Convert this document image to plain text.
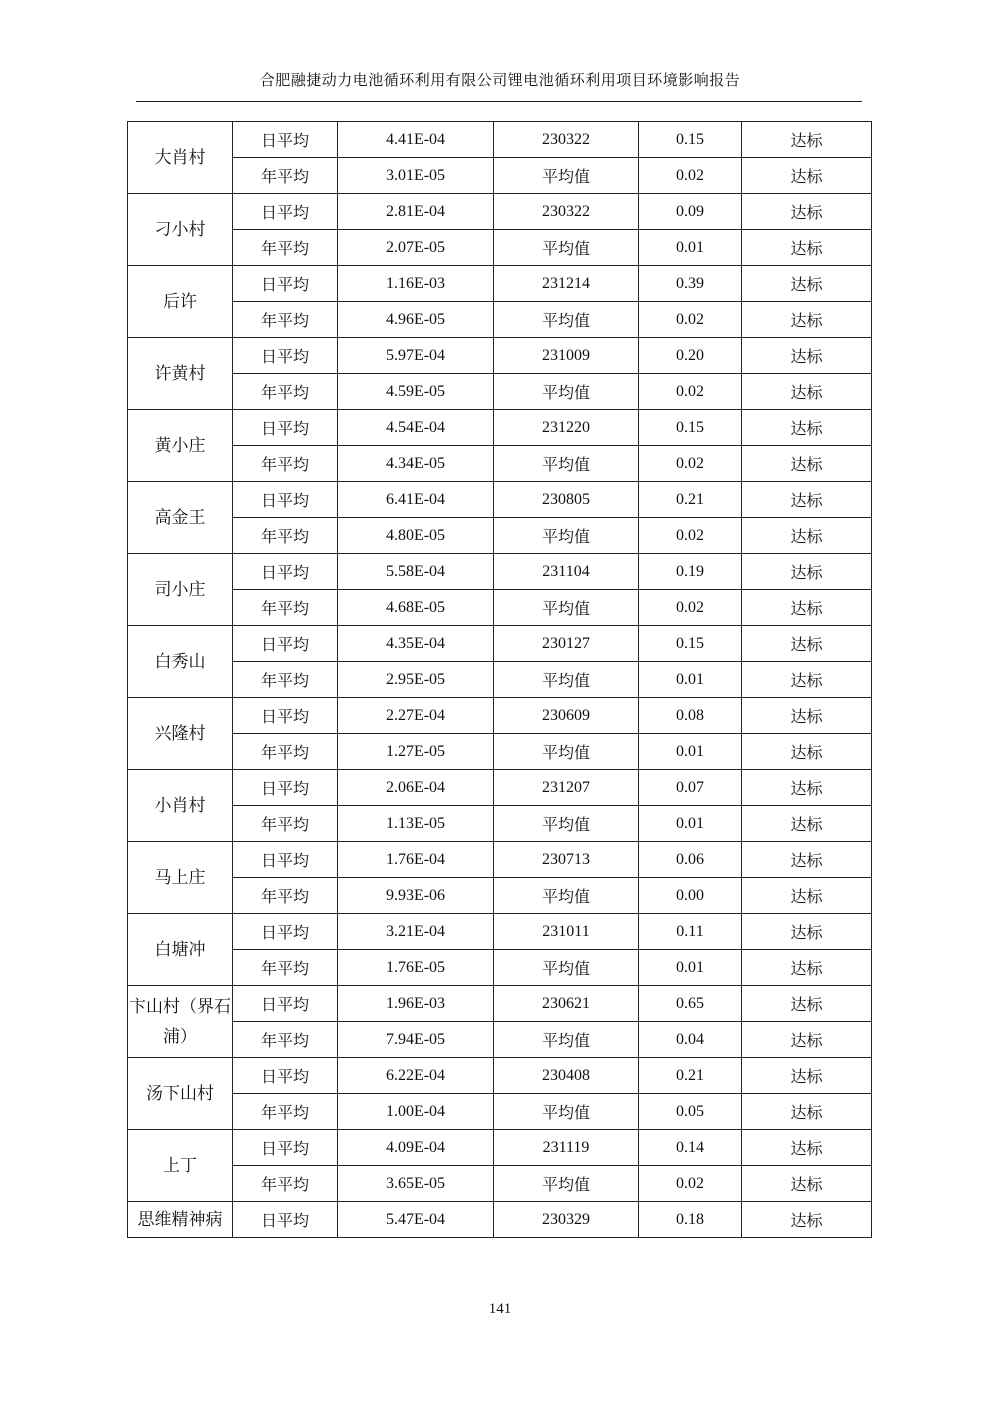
合肥融捷动力电池循环利用有限公司锂电池循环利用项目环境影响报告
大肖村	日平均	4.41E-04	230322	0.15	达标
	年平均	3.01E-05	平均值	0.02	达标
刁小村	日平均	2.81E-04	230322	0.09	达标
	年平均	2.07E-05	平均值	0.01	达标
后许	日平均	1.16E-03	231214	0.39	达标
	年平均	4.96E-05	平均值	0.02	达标
许黄村	日平均	5.97E-04	231009	0.20	达标
	年平均	4.59E-05	平均值	0.02	达标
黄小庄	日平均	4.54E-04	231220	0.15	达标
	年平均	4.34E-05	平均值	0.02	达标
高金王	日平均	6.41E-04	230805	0.21	达标
	年平均	4.80E-05	平均值	0.02	达标
司小庄	日平均	5.58E-04	231104	0.19	达标
	年平均	4.68E-05	平均值	0.02	达标
白秀山	日平均	4.35E-04	230127	0.15	达标
	年平均	2.95E-05	平均值	0.01	达标
兴隆村	日平均	2.27E-04	230609	0.08	达标
	年平均	1.27E-05	平均值	0.01	达标
小肖村	日平均	2.06E-04	231207	0.07	达标
	年平均	1.13E-05	平均值	0.01	达标
马上庄	日平均	1.76E-04	230713	0.06	达标
	年平均	9.93E-06	平均值	0.00	达标
白塘冲	日平均	3.21E-04	231011	0.11	达标
	年平均	1.76E-05	平均值	0.01	达标
卞山村（界石浦）	日平均	1.96E-03	230621	0.65	达标
	年平均	7.94E-05	平均值	0.04	达标
汤下山村	日平均	6.22E-04	230408	0.21	达标
	年平均	1.00E-04	平均值	0.05	达标
上丁	日平均	4.09E-04	231119	0.14	达标
	年平均	3.65E-05	平均值	0.02	达标
思维精神病	日平均	5.47E-04	230329	0.18	达标
141
